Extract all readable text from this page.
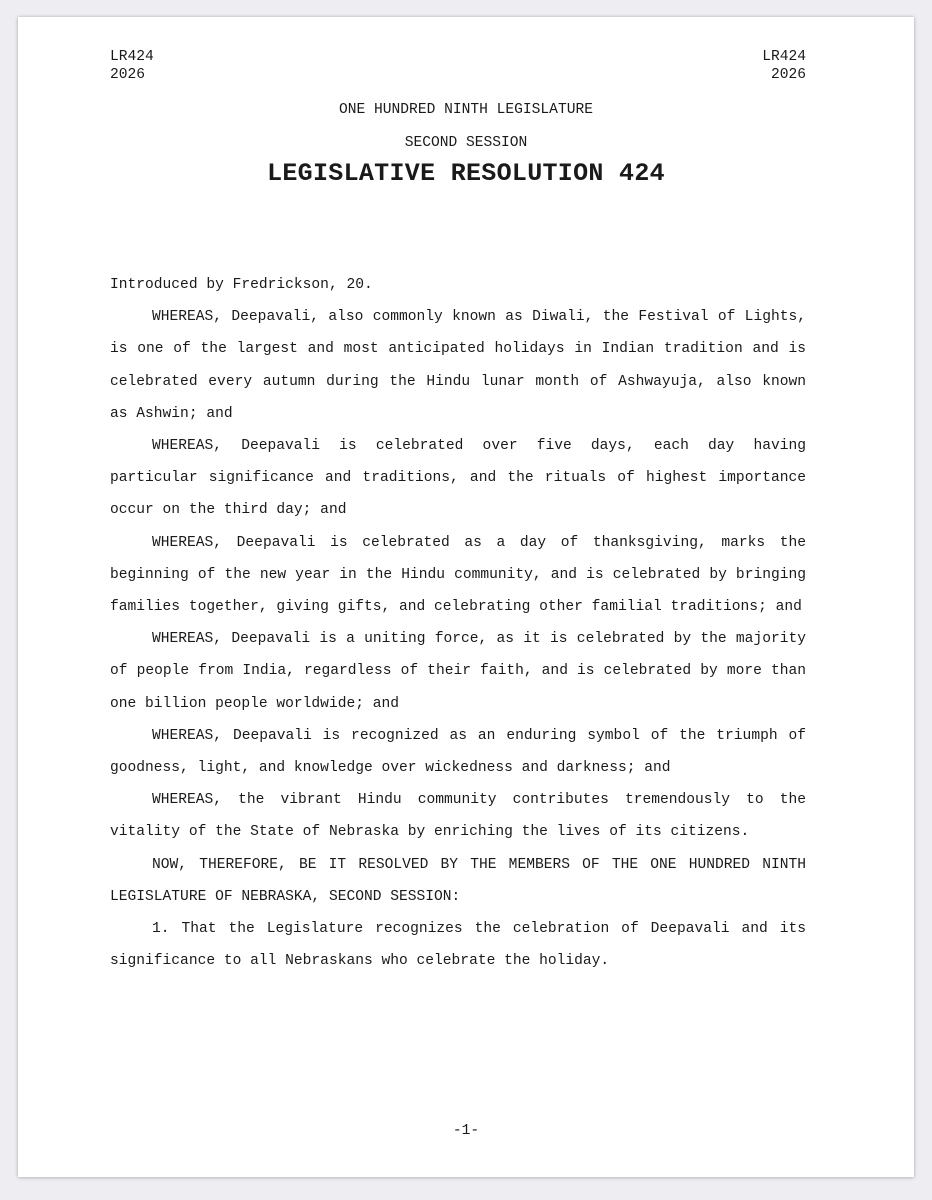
LR424
2026
LR424
2026
ONE HUNDRED NINTH LEGISLATURE
SECOND SESSION
LEGISLATIVE RESOLUTION 424

Introduced by Fredrickson, 20.

WHEREAS, Deepavali, also commonly known as Diwali, the Festival of Lights, is one of the largest and most anticipated holidays in Indian tradition and is celebrated every autumn during the Hindu lunar month of Ashwayuja, also known as Ashwin; and

WHEREAS, Deepavali is celebrated over five days, each day having particular significance and traditions, and the rituals of highest importance occur on the third day; and

WHEREAS, Deepavali is celebrated as a day of thanksgiving, marks the beginning of the new year in the Hindu community, and is celebrated by bringing families together, giving gifts, and celebrating other familial traditions; and

WHEREAS, Deepavali is a uniting force, as it is celebrated by the majority of people from India, regardless of their faith, and is celebrated by more than one billion people worldwide; and

WHEREAS, Deepavali is recognized as an enduring symbol of the triumph of goodness, light, and knowledge over wickedness and darkness; and

WHEREAS, the vibrant Hindu community contributes tremendously to the vitality of the State of Nebraska by enriching the lives of its citizens.

NOW, THEREFORE, BE IT RESOLVED BY THE MEMBERS OF THE ONE HUNDRED NINTH LEGISLATURE OF NEBRASKA, SECOND SESSION:

1. That the Legislature recognizes the celebration of Deepavali and its significance to all Nebraskans who celebrate the holiday.

-1-
